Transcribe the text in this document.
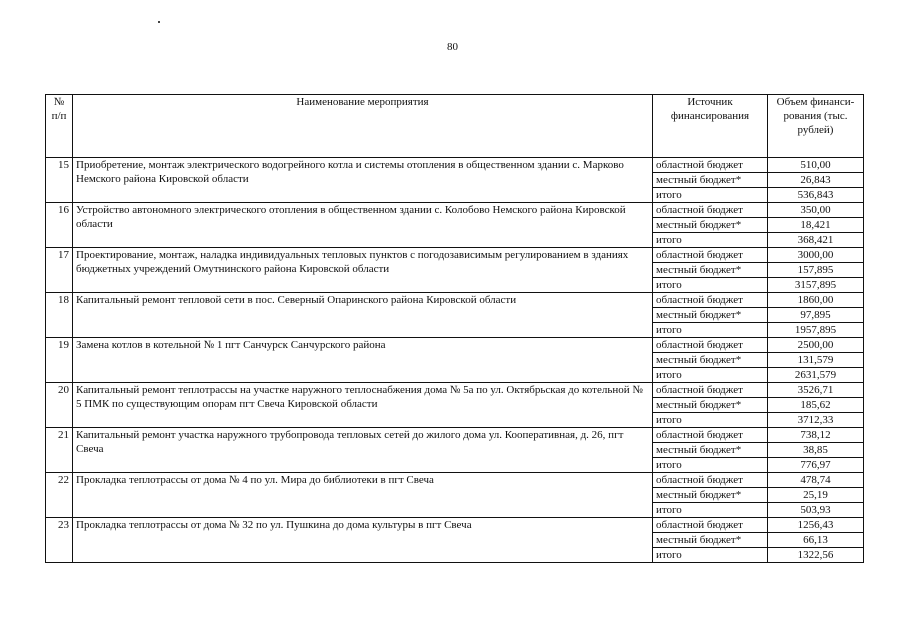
80
№ п/п	Наименование мероприятия	Источник финансирования	Объем финанси-рования (тыс. рублей)
15	Приобретение, монтаж электрического водогрейного котла и системы отопления в общественном здании с. Марково Немского района Кировской области	областной бюджет	510,00
		местный бюджет*	26,843
		итого	536,843
16	Устройство автономного электрического отопления в общественном здании с. Колобово Немского района Кировской области	областной бюджет	350,00
		местный бюджет*	18,421
		итого	368,421
17	Проектирование, монтаж, наладка индивидуальных тепловых пунктов с погодозависимым регулированием в зданиях бюджетных учреждений Омутнинского района Кировской области	областной бюджет	3000,00
		местный бюджет*	157,895
		итого	3157,895
18	Капитальный ремонт тепловой сети в пос. Северный Опаринского района Кировской области	областной бюджет	1860,00
		местный бюджет*	97,895
		итого	1957,895
19	Замена котлов в котельной № 1 пгт Санчурск Санчурского района	областной бюджет	2500,00
		местный бюджет*	131,579
		итого	2631,579
20	Капитальный ремонт теплотрассы на участке наружного теплоснабжения дома № 5а по ул. Октябрьская до котельной № 5 ПМК по существующим опорам пгт Свеча Кировской области	областной бюджет	3526,71
		местный бюджет*	185,62
		итого	3712,33
21	Капитальный ремонт участка наружного трубопровода тепловых сетей до жилого дома ул. Кооперативная, д. 26, пгт Свеча	областной бюджет	738,12
		местный бюджет*	38,85
		итого	776,97
22	Прокладка теплотрассы от дома № 4 по ул. Мира до библиотеки в пгт Свеча	областной бюджет	478,74
		местный бюджет*	25,19
		итого	503,93
23	Прокладка теплотрассы от дома № 32 по ул. Пушкина до дома культуры в пгт Свеча	областной бюджет	1256,43
		местный бюджет*	66,13
		итого	1322,56
